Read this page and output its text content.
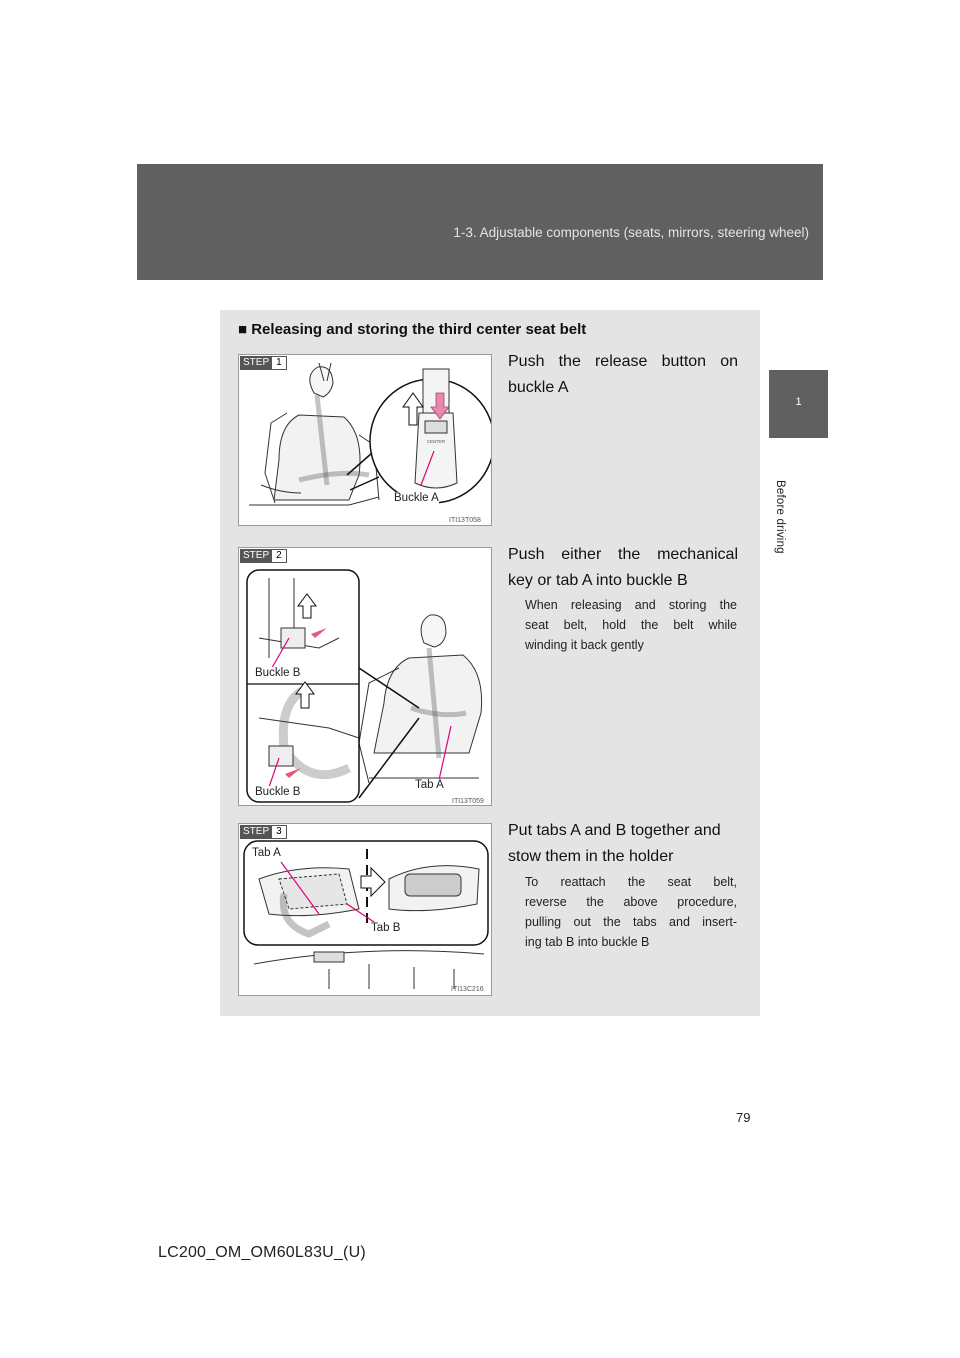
1-3. Adjustable components (seats, mirrors, steering wheel)
1
Before driving
■ Releasing and storing the third center seat belt
CENTER
STEP 1
Buckle A
ITI13T058
Push the release button on
buckle A
STEP 2
Buckle B
Buckle B
Tab A
ITI13T059
Push either the mechanical
key or tab A into buckle B
When releasing and storing the
seat belt, hold the belt while
winding it back gently
STEP 3
Tab A
Tab B
ITI13C216
Put tabs A and B together and
stow them in the holder
To reattach the seat belt,
reverse the above procedure,
pulling out the tabs and insert-
ing tab B into buckle B
79
LC200_OM_OM60L83U_(U)
